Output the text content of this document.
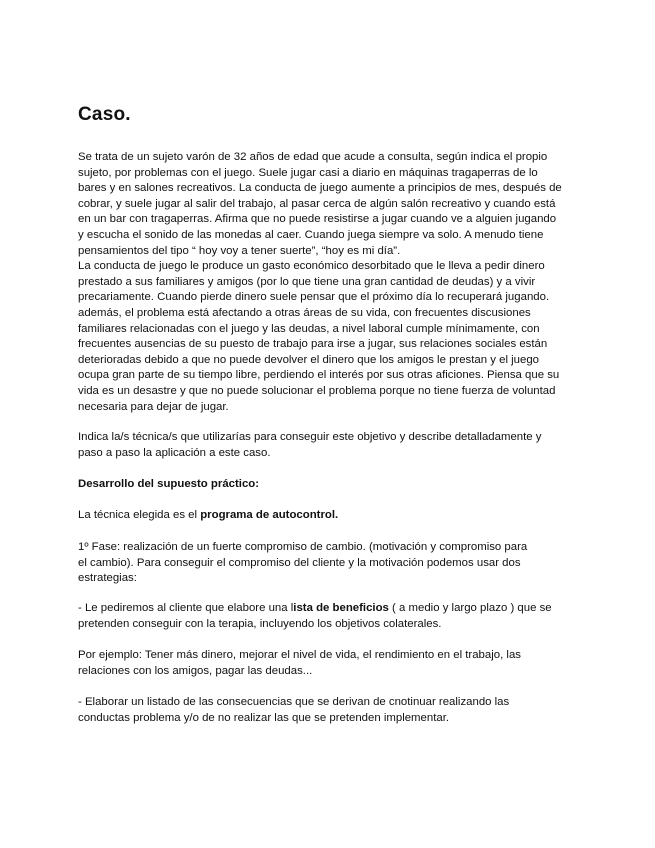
Caso.
Se trata de un sujeto varón de 32 años de edad que acude a consulta, según indica el propio
sujeto, por problemas con el juego. Suele jugar casi a diario en máquinas tragaperras de lo
bares y en salones recreativos. La conducta de juego aumente a principios de mes, después de
cobrar, y suele jugar al salir del trabajo, al pasar cerca de algún salón recreativo y cuando está
en un bar con tragaperras. Afirma que no puede resistirse a jugar cuando ve a alguien jugando
y escucha el sonido de las monedas al caer. Cuando juega siempre va solo. A menudo tiene
pensamientos del tipo “ hoy voy a tener suerte”, “hoy es mi día”.
La conducta de juego le produce un gasto económico desorbitado que le lleva a pedir dinero
prestado a sus familiares y amigos (por lo que tiene una gran cantidad de deudas) y a vivir
precariamente. Cuando pierde dinero suele pensar que el próximo día lo recuperará jugando.
además, el problema está afectando a otras áreas de su vida, con frecuentes discusiones
familiares relacionadas con el juego y las deudas, a nivel laboral cumple mínimamente, con
frecuentes ausencias de su puesto de trabajo para irse a jugar, sus relaciones sociales están
deterioradas debido a que no puede devolver el dinero que los amigos le prestan y el juego
ocupa gran parte de su tiempo libre, perdiendo el interés por sus otras aficiones. Piensa que su
vida es un desastre y que no puede solucionar el problema porque no tiene fuerza de voluntad
necesaria para dejar de jugar.
Indica la/s técnica/s que utilizarías para conseguir este objetivo y describe detalladamente y
paso a paso la aplicación a este caso.
Desarrollo del supuesto práctico:
La técnica elegida es el programa de autocontrol.
1º Fase: realización de un fuerte compromiso de cambio. (motivación y compromiso para
el cambio). Para conseguir el compromiso del cliente y la motivación podemos usar dos
estrategias:
- Le pediremos al cliente que elabore una lista de beneficios ( a medio y largo plazo ) que se
pretenden conseguir con la terapia, incluyendo los objetivos colaterales.
Por ejemplo: Tener más dinero, mejorar el nivel de vida, el rendimiento en el trabajo, las
relaciones con los amigos, pagar las deudas...
- Elaborar un listado de las consecuencias que se derivan de cnotinuar realizando las
conductas problema y/o de no realizar las que se pretenden implementar.
